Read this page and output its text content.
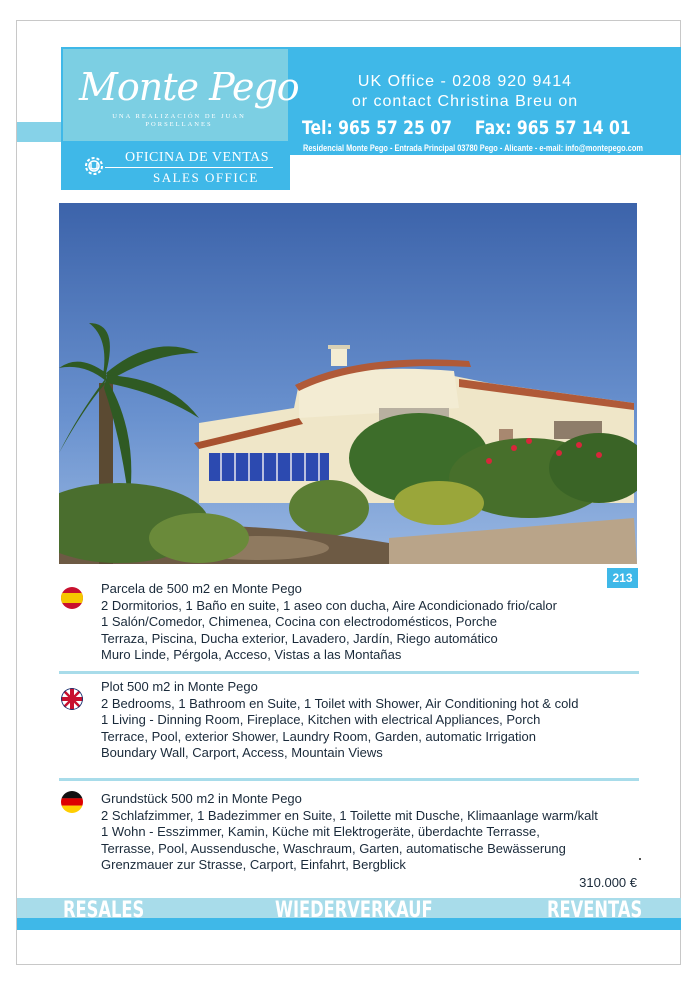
Monte Pego
UNA REALIZACIÓN DE JUAN PORSELLANES
OFICINA DE VENTAS
SALES OFFICE
UK Office - 0208 920 9414
or contact Christina Breu on
Tel: 965 57 25 07 Fax: 965 57 14 01
Residencial Monte Pego - Entrada Principal 03780 Pego - Alicante - e-mail: info@montepego.com
213
Parcela de 500 m2 en Monte Pego
2 Dormitorios, 1 Baño en suite, 1 aseo con ducha, Aire Acondicionado frio/calor
1 Salón/Comedor, Chimenea, Cocina con electrodomésticos, Porche
Terraza, Piscina, Ducha exterior, Lavadero, Jardín, Riego automático
Muro Linde, Pérgola, Acceso, Vistas a las Montañas
Plot 500 m2 in Monte Pego
2 Bedrooms, 1 Bathroom en Suite, 1 Toilet with Shower, Air Conditioning hot & cold
1 Living - Dinning Room, Fireplace, Kitchen with electrical Appliances, Porch
Terrace, Pool, exterior Shower, Laundry Room, Garden, automatic Irrigation
Boundary Wall, Carport, Access, Mountain Views
Grundstück 500 m2 in Monte Pego
2 Schlafzimmer, 1 Badezimmer en Suite, 1 Toilette mit Dusche, Klimaanlage warm/kalt
1 Wohn - Esszimmer, Kamin, Küche mit Elektrogeräte, überdachte Terrasse,
Terrasse, Pool, Aussendusche, Waschraum, Garten, automatische Bewässerung
Grenzmauer zur Strasse, Carport, Einfahrt, Bergblick
310.000 €
RESALES	WIEDERVERKAUF	REVENTAS
